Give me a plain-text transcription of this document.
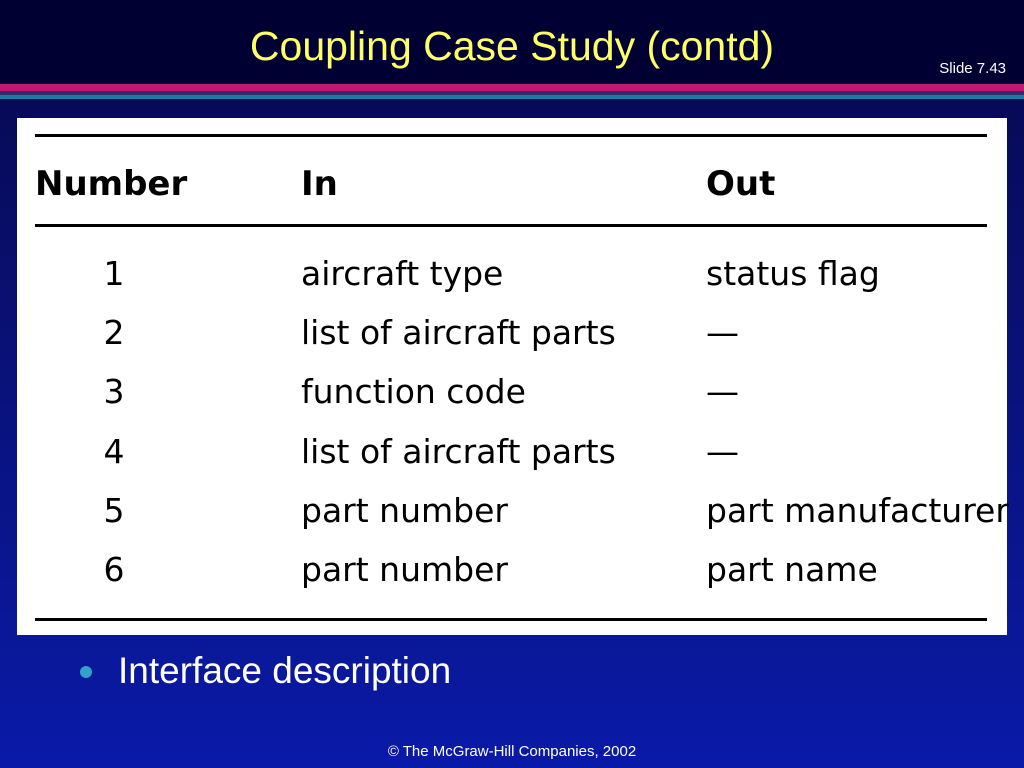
Coupling Case Study (contd)	Slide 7.43
Number	In	Out
1	aircraft type	status flag
2	list of aircraft parts	—
3	function code	—
4	list of aircraft parts	—
5	part number	part manufacturer
6	part number	part name
Interface description
© The McGraw-Hill Companies, 2002
